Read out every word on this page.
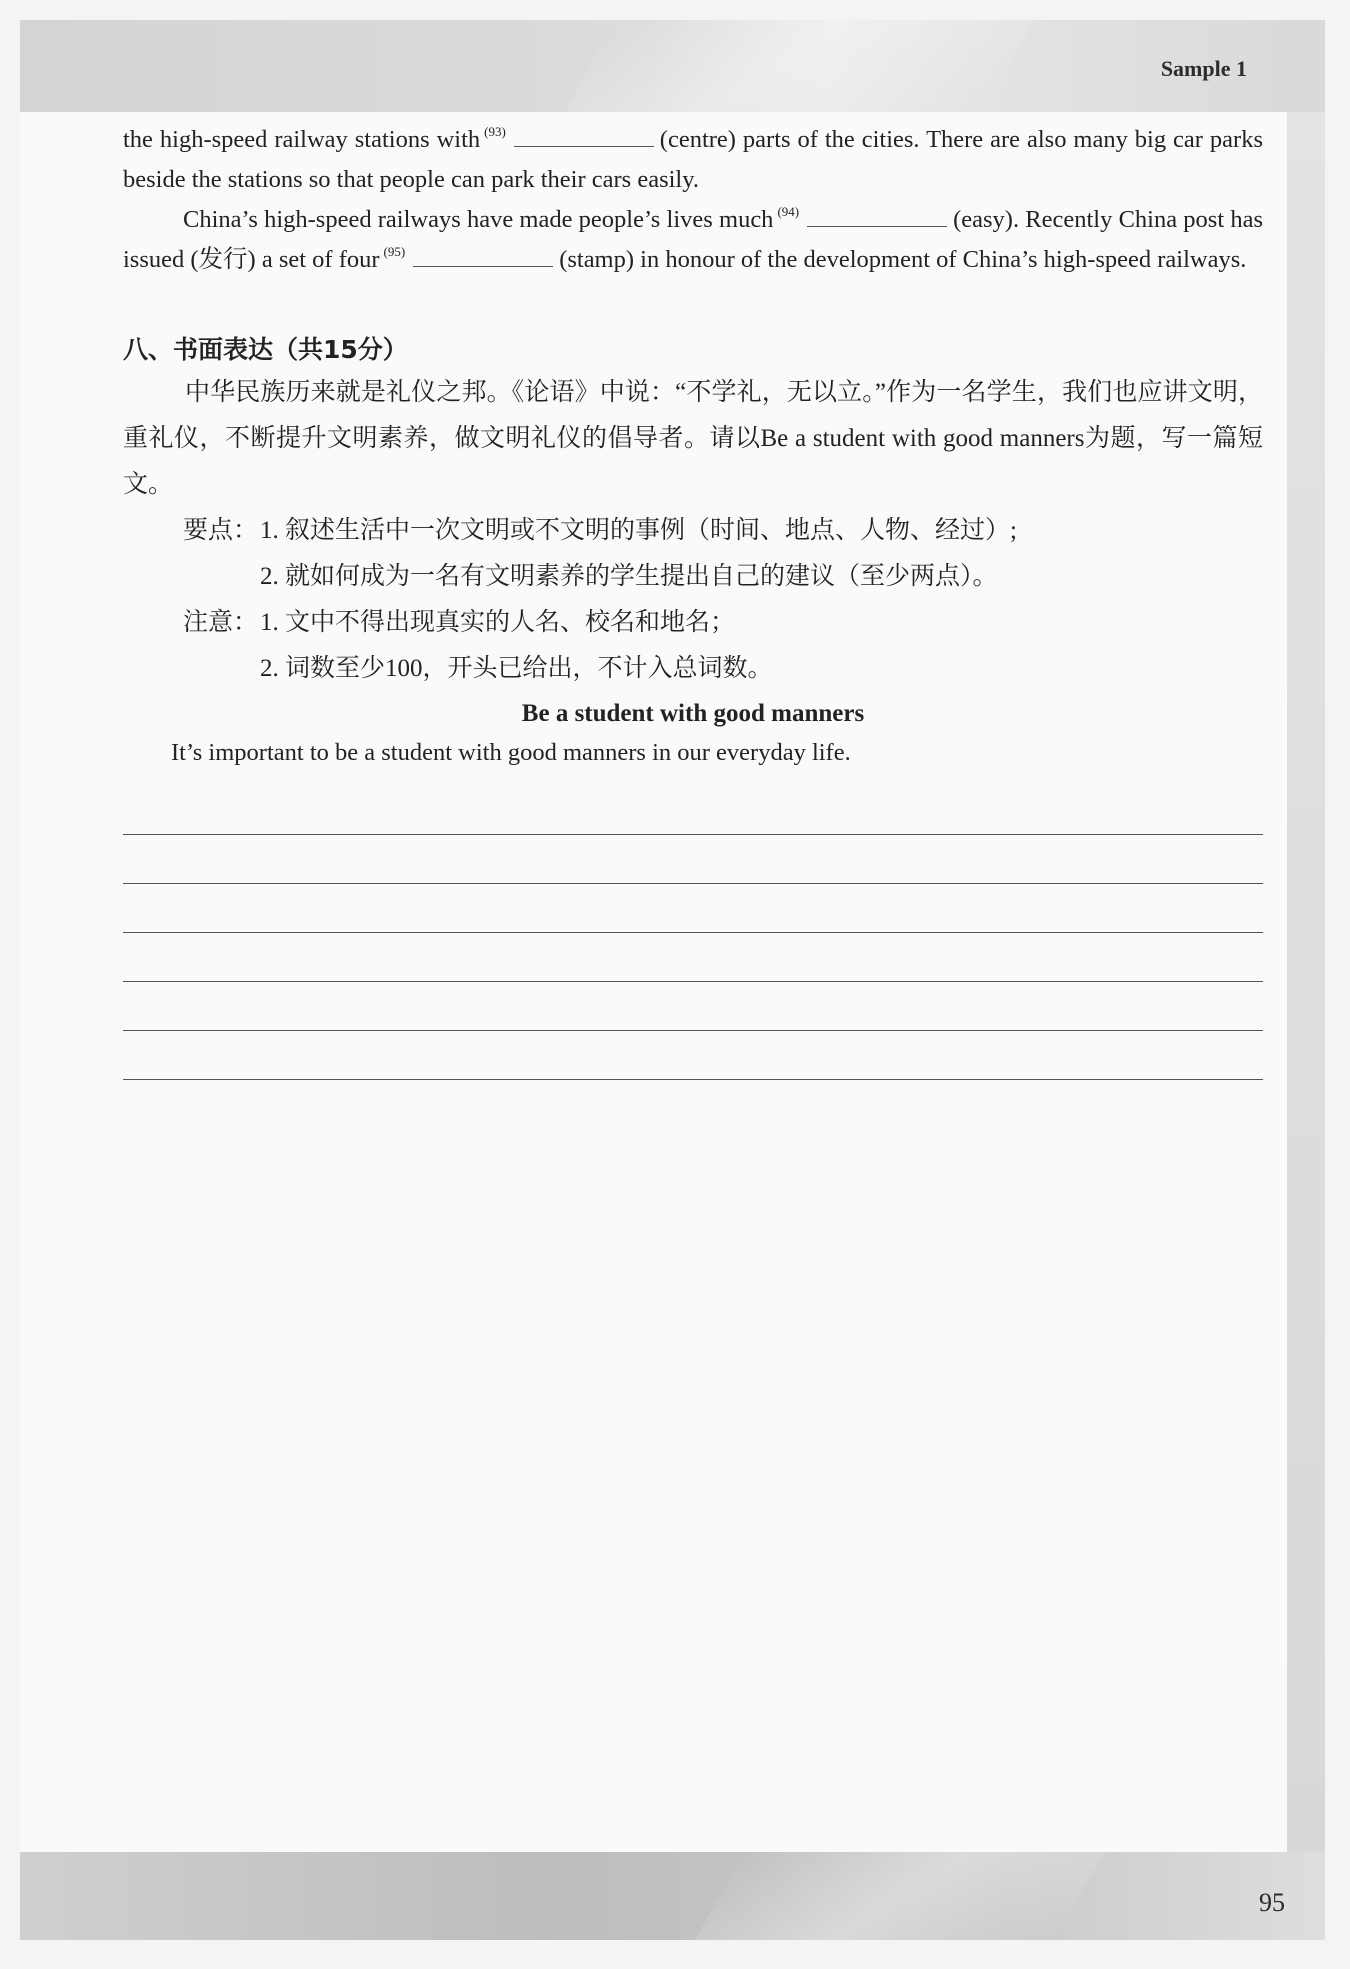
Sample 1

the high-speed railway stations with $^{(93)}$	(centre) parts of the cities. There are also many big car parks beside the stations so that people can park their cars easily.

China’s high-speed railways have made people’s lives much $^{(94)}$	(easy). Recently China post has issued (发行) a set of four $^{(95)}$	(stamp) in honour of the development of China’s high-speed railways.

八、书面表达（共15分）

中华民族历来就是礼仪之邦。《论语》中说：“不学礼，无以立。”作为一名学生，我们也应讲文明，重礼仪，不断提升文明素养，做文明礼仪的倡导者。请以Be a student with good manners为题，写一篇短文。

要点：1. 叙述生活中一次文明或不文明的事例（时间、地点、人物、经过）;
2. 就如何成为一名有文明素养的学生提出自己的建议（至少两点）。
注意：1. 文中不得出现真实的人名、校名和地名；
2. 词数至少100，开头已给出，不计入总词数。
Be a student with good manners

It’s important to be a student with good manners in our everyday life.

95
